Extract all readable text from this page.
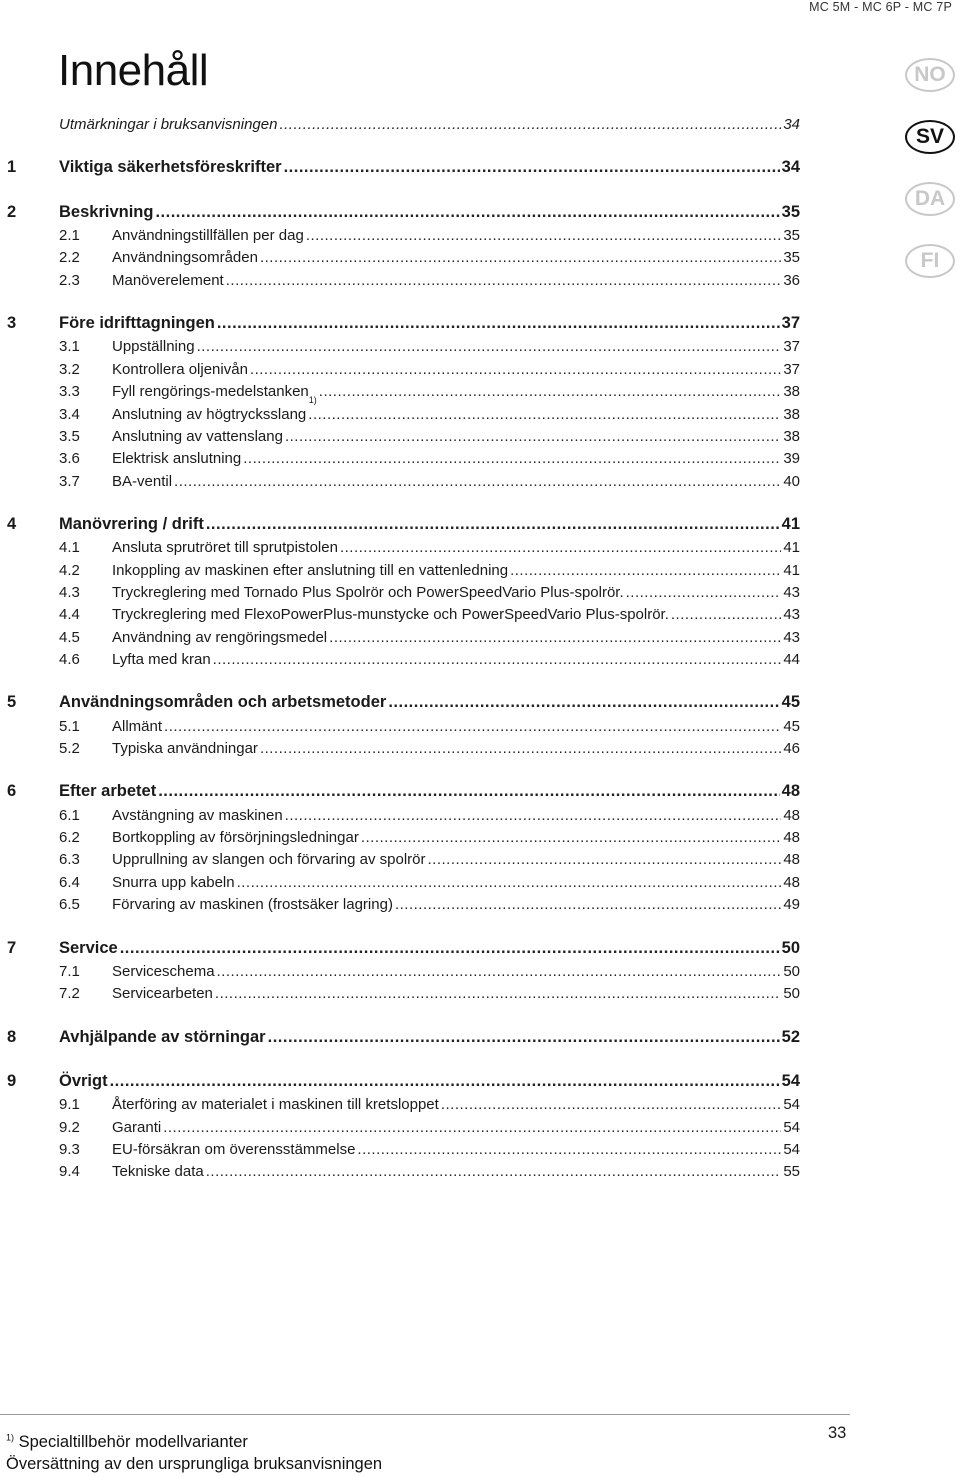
MC 5M - MC 6P - MC 7P
Innehåll	NO
SV
DA
FI
Utmärkningar i bruksanvisningen .....	34
1	Viktiga säkerhetsföreskrifter .....	34
2	Beskrivning .....	35
2.1 Användningstillfällen per dag .....	35
2.2 Användningsområden .....	35
2.3 Manöverelement .....	36
3	Före idrifttagningen .....	37
3.1 Uppställning .....	37
3.2 Kontrollera oljenivån .....	37
3.3 Fyll rengörings-medelstanken 1) .....	38
3.4 Anslutning av högtrycksslang .....	38
3.5 Anslutning av vattenslang .....	38
3.6 Elektrisk anslutning .....	39
3.7 BA-ventil .....	40
4	Manövrering / drift .....	41
4.1 Ansluta sprutröret till sprutpistolen .....	41
4.2 Inkoppling av maskinen efter anslutning till en vattenledning .....	41
4.3 Tryckreglering med Tornado Plus Spolrör och PowerSpeedVario Plus-spolrör. .....	43
4.4 Tryckreglering med FlexoPowerPlus-munstycke och PowerSpeedVario Plus-spolrör. .....	43
4.5 Användning av rengöringsmedel .....	43
4.6 Lyfta med kran .....	44
5	Användningsområden och arbetsmetoder .....	45
5.1 Allmänt .....	45
5.2 Typiska användningar .....	46
6	Efter arbetet .....	48
6.1 Avstängning av maskinen .....	48
6.2 Bortkoppling av försörjningsledningar .....	48
6.3 Upprullning av slangen och förvaring av spolrör .....	48
6.4 Snurra upp kabeln .....	48
6.5 Förvaring av maskinen (frostsäker lagring) .....	49
7	Service .....	50
7.1 Serviceschema .....	50
7.2 Servicearbeten .....	50
8	Avhjälpande av störningar .....	52
9	Övrigt .....	54
9.1 Återföring av materialet i maskinen till kretsloppet .....	54
9.2 Garanti .....	54
9.3 EU-försäkran om överensstämmelse .....	54
9.4 Tekniske data .....	55
$^{1)}$ Specialtillbehör modellvarianter
Översättning av den ursprungliga bruksanvisningen
33
